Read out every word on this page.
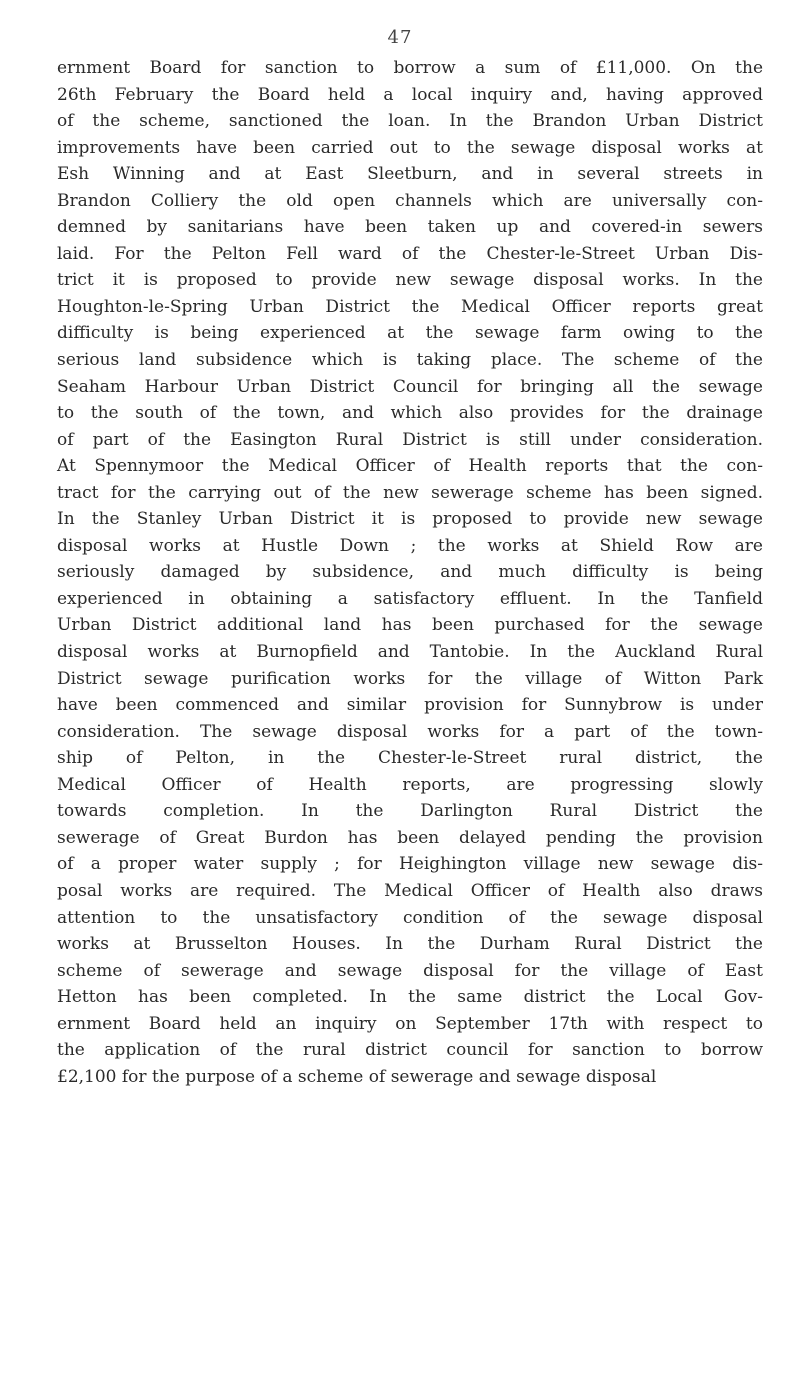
47
ernment Board for sanction to borrow a sum of £11,000. On the
26th February the Board held a local inquiry and, having approved
of the scheme, sanctioned the loan. In the Brandon Urban District
improvements have been carried out to the sewage disposal works at
Esh Winning and at East Sleetburn, and in several streets in
Brandon Colliery the old open channels which are universally con-
demned by sanitarians have been taken up and covered-in sewers
laid. For the Pelton Fell ward of the Chester-le-Street Urban Dis-
trict it is proposed to provide new sewage disposal works. In the
Houghton-le-Spring Urban District the Medical Officer reports great
difficulty is being experienced at the sewage farm owing to the
serious land subsidence which is taking place. The scheme of the
Seaham Harbour Urban District Council for bringing all the sewage
to the south of the town, and which also provides for the drainage
of part of the Easington Rural District is still under consideration.
At Spennymoor the Medical Officer of Health reports that the con-
tract for the carrying out of the new sewerage scheme has been signed.
In the Stanley Urban District it is proposed to provide new sewage
disposal works at Hustle Down ; the works at Shield Row are
seriously damaged by subsidence, and much difficulty is being
experienced in obtaining a satisfactory effluent. In the Tanfield
Urban District additional land has been purchased for the sewage
disposal works at Burnopfield and Tantobie. In the Auckland Rural
District sewage purification works for the village of Witton Park
have been commenced and similar provision for Sunnybrow is under
consideration. The sewage disposal works for a part of the town-
ship of Pelton, in the Chester-le-Street rural district, the
Medical Officer of Health reports, are progressing slowly
towards completion. In the Darlington Rural District the
sewerage of Great Burdon has been delayed pending the provision
of a proper water supply ; for Heighington village new sewage dis-
posal works are required. The Medical Officer of Health also draws
attention to the unsatisfactory condition of the sewage disposal
works at Brusselton Houses. In the Durham Rural District the
scheme of sewerage and sewage disposal for the village of East
Hetton has been completed. In the same district the Local Gov-
ernment Board held an inquiry on September 17th with respect to
the application of the rural district council for sanction to borrow
£2,100 for the purpose of a scheme of sewerage and sewage disposal
